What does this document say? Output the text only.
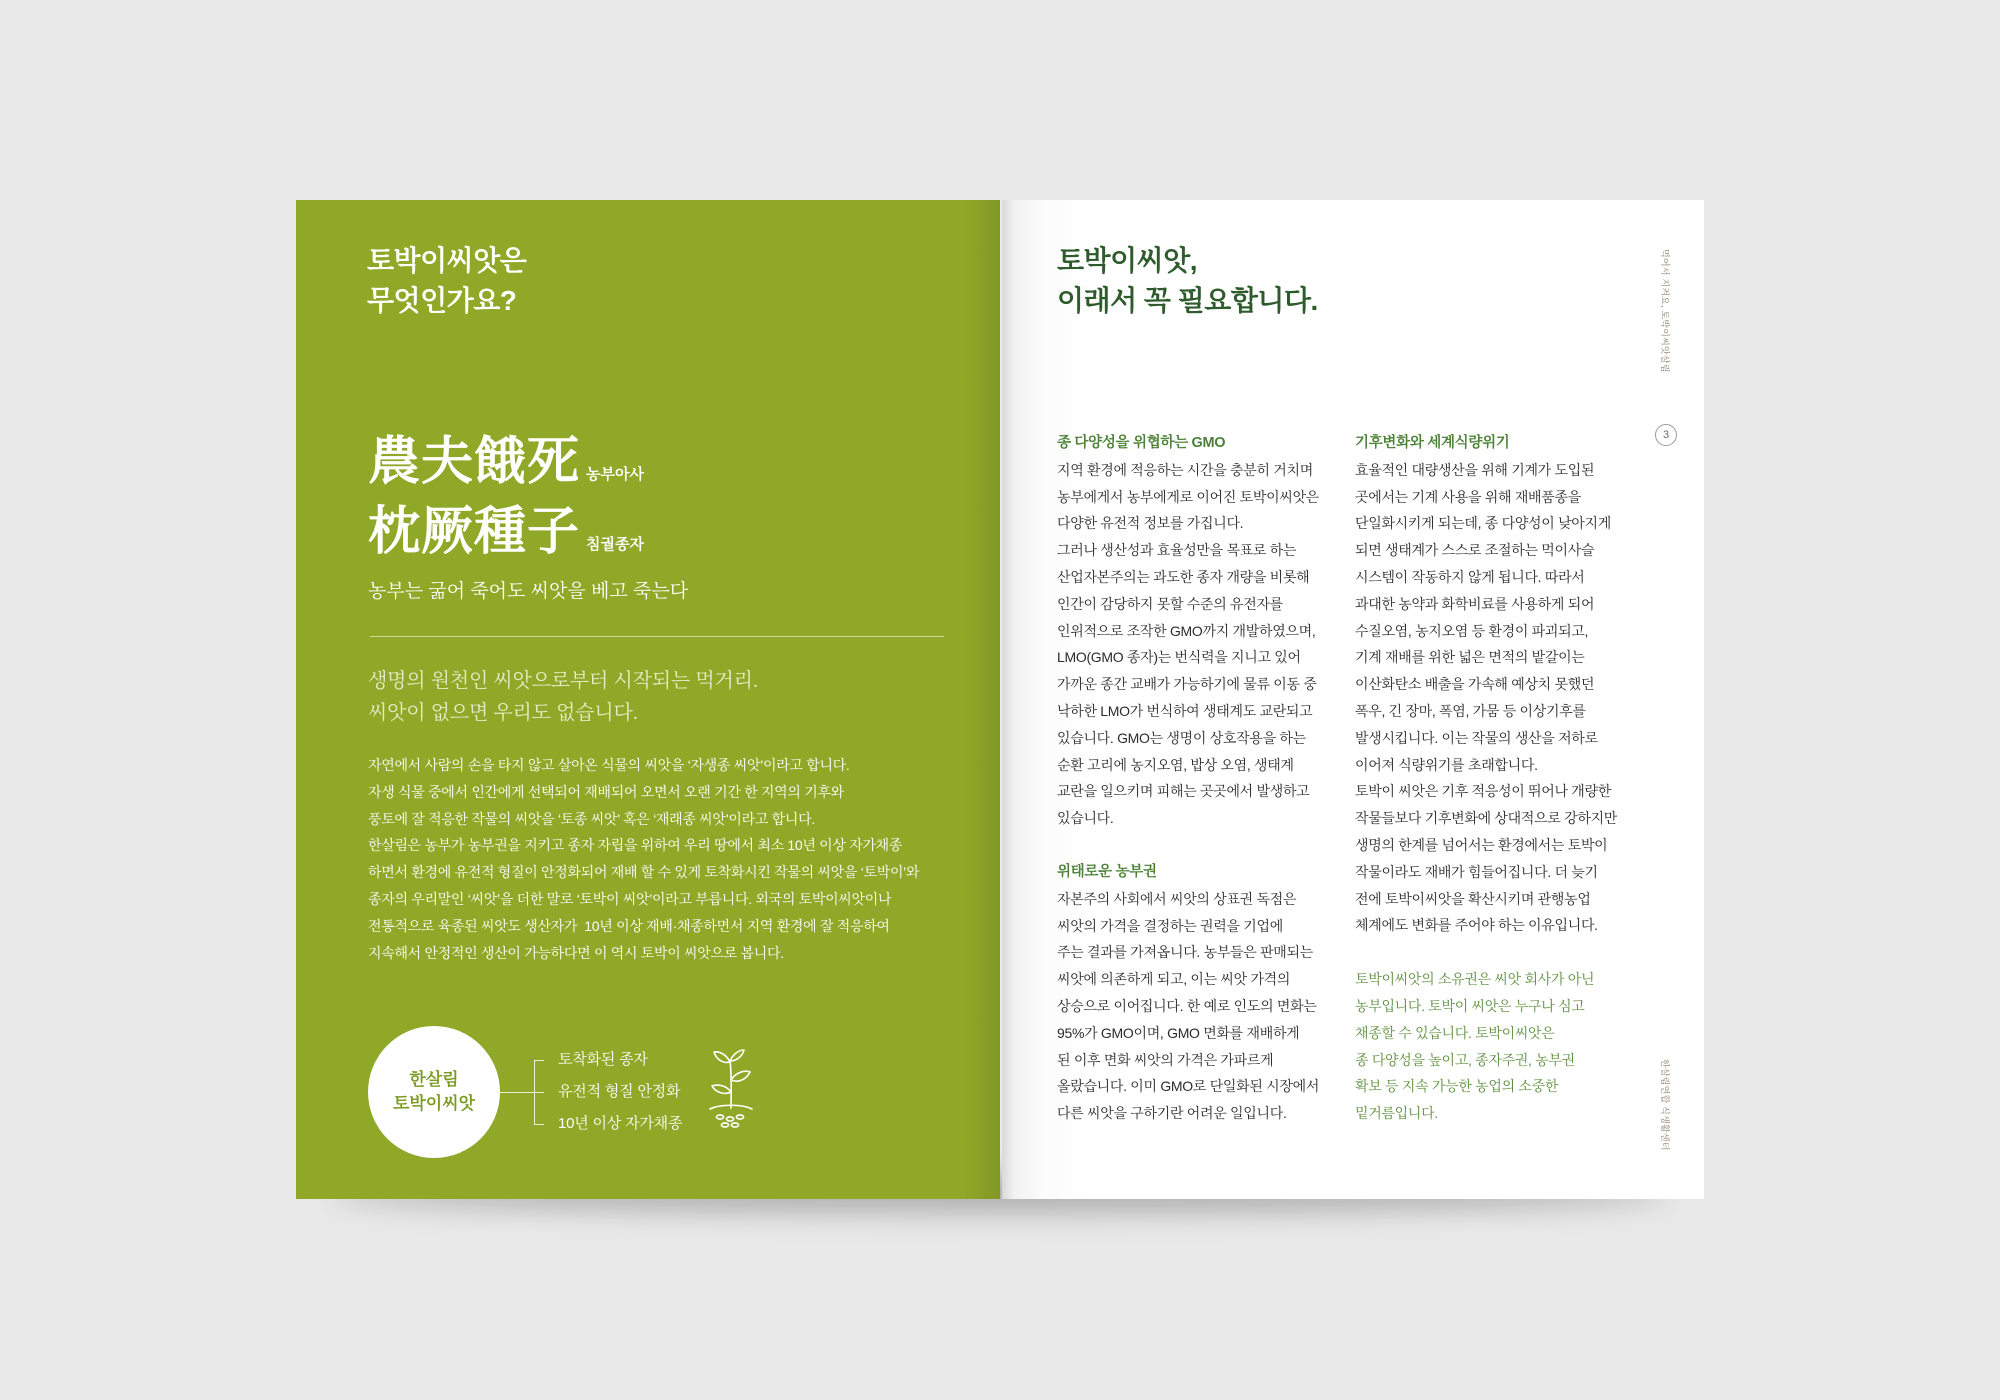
토박이씨앗은
무엇인가요?
農夫餓死 농부아사
枕厥種子 침궐종자
농부는 굶어 죽어도 씨앗을 베고 죽는다
생명의 원천인 씨앗으로부터 시작되는 먹거리.
씨앗이 없으면 우리도 없습니다.
자연에서 사람의 손을 타지 않고 살아온 식물의 씨앗을 ‘자생종 씨앗’이라고 합니다.
자생 식물 중에서 인간에게 선택되어 재배되어 오면서 오랜 기간 한 지역의 기후와
풍토에 잘 적응한 작물의 씨앗을 ‘토종 씨앗’ 혹은 ‘재래종 씨앗’이라고 합니다.
한살림은 농부가 농부권을 지키고 종자 자립을 위하여 우리 땅에서 최소 10년 이상 자가채종
하면서 환경에 유전적 형질이 안정화되어 재배 할 수 있게 토착화시킨 작물의 씨앗을 ‘토박이’와
종자의 우리말인 ‘씨앗’을 더한 말로 ‘토박이 씨앗’이라고 부릅니다. 외국의 토박이씨앗이나
전통적으로 육종된 씨앗도 생산자가  10년 이상 재배·채종하면서 지역 환경에 잘 적응하여
지속해서 안정적인 생산이 가능하다면 이 역시 토박이 씨앗으로 봅니다.
한살림
토박이씨앗
토착화된 종자
유전적 형질 안정화
10년 이상 자가채종
토박이씨앗,
이래서 꼭 필요합니다.	먹어서 지켜요, 토박이씨앗살림
3
한살림연합 식생활센터
종 다양성을 위협하는 GMO
지역 환경에 적응하는 시간을 충분히 거치며
농부에게서 농부에게로 이어진 토박이씨앗은
다양한 유전적 정보를 가집니다.
그러나 생산성과 효율성만을 목표로 하는
산업자본주의는 과도한 종자 개량을 비롯해
인간이 감당하지 못할 수준의 유전자를
인위적으로 조작한 GMO까지 개발하였으며,
LMO(GMO 종자)는 번식력을 지니고 있어
가까운 종간 교배가 가능하기에 물류 이동 중
낙하한 LMO가 번식하여 생태계도 교란되고
있습니다. GMO는 생명이 상호작용을 하는
순환 고리에 농지오염, 밥상 오염, 생태계
교란을 일으키며 피해는 곳곳에서 발생하고
있습니다.
위태로운 농부권
자본주의 사회에서 씨앗의 상표권 독점은
씨앗의 가격을 결정하는 권력을 기업에
주는 결과를 가져옵니다. 농부들은 판매되는
씨앗에 의존하게 되고, 이는 씨앗 가격의
상승으로 이어집니다. 한 예로 인도의 면화는
95%가 GMO이며, GMO 면화를 재배하게
된 이후 면화 씨앗의 가격은 가파르게
올랐습니다. 이미 GMO로 단일화된 시장에서
다른 씨앗을 구하기란 어려운 일입니다.
기후변화와 세계식량위기
효율적인 대량생산을 위해 기계가 도입된
곳에서는 기계 사용을 위해 재배품종을
단일화시키게 되는데, 종 다양성이 낮아지게
되면 생태계가 스스로 조절하는 먹이사슬
시스템이 작동하지 않게 됩니다. 따라서
과대한 농약과 화학비료를 사용하게 되어
수질오염, 농지오염 등 환경이 파괴되고,
기계 재배를 위한 넓은 면적의 밭갈이는
이산화탄소 배출을 가속해 예상치 못했던
폭우, 긴 장마, 폭염, 가뭄 등 이상기후를
발생시킵니다. 이는 작물의 생산을 저하로
이어져 식량위기를 초래합니다.
토박이 씨앗은 기후 적응성이 뛰어나 개량한
작물들보다 기후변화에 상대적으로 강하지만
생명의 한계를 넘어서는 환경에서는 토박이
작물이라도 재배가 힘들어집니다. 더 늦기
전에 토박이씨앗을 확산시키며 관행농업
체계에도 변화를 주어야 하는 이유입니다.
토박이씨앗의 소유권은 씨앗 회사가 아닌
농부입니다. 토박이 씨앗은 누구나 심고
채종할 수 있습니다. 토박이씨앗은
종 다양성을 높이고, 종자주권, 농부권
확보 등 지속 가능한 농업의 소중한
밑거름입니다.
